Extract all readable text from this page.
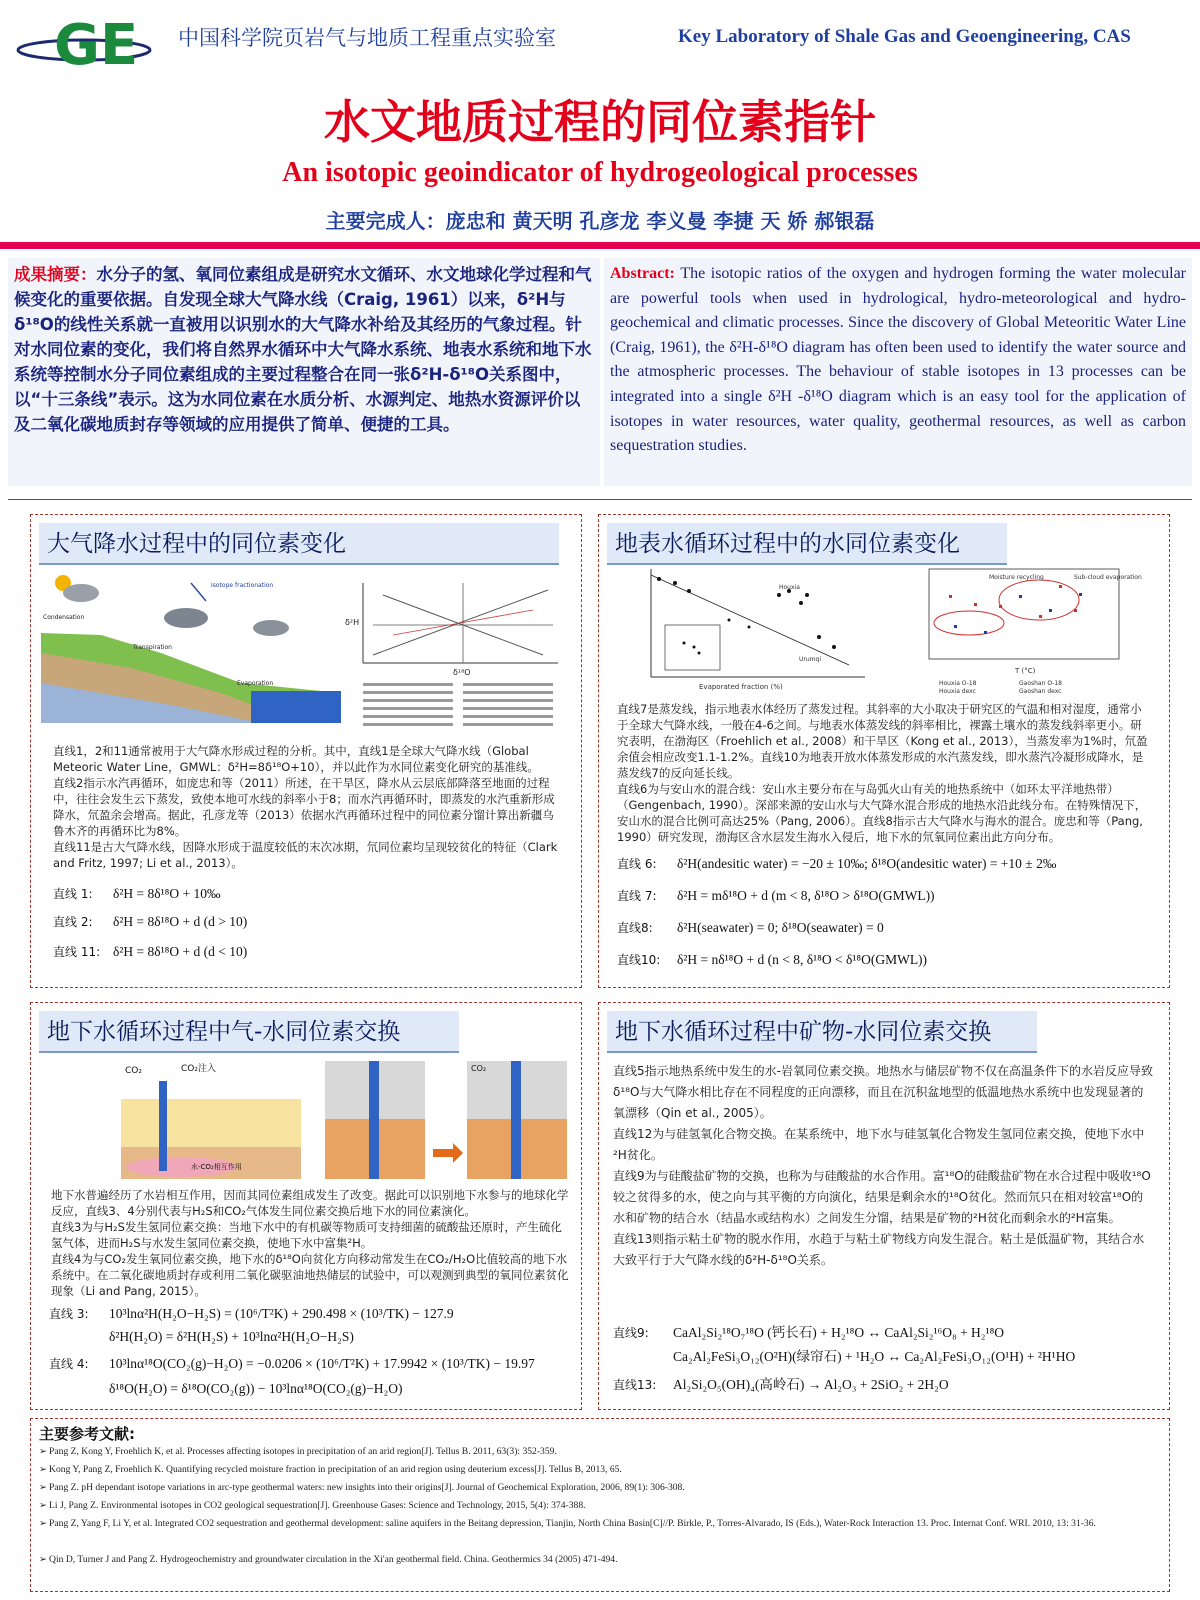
GE 中国科学院页岩气与地质工程重点实验室	Key Laboratory of Shale Gas and Geoengineering, CAS
水文地质过程的同位素指针
An isotopic geoindicator of hydrogeological processes
主要完成人：庞忠和 黄天明 孔彦龙 李义曼 李捷 天 娇 郝银磊
成果摘要：水分子的氢、氧同位素组成是研究水文循环、水文地球化学过程和气候变化的重要依据。自发现全球大气降水线（Craig, 1961）以来，δ²H与δ¹⁸O的线性关系就一直被用以识别水的大气降水补给及其经历的气象过程。针对水同位素的变化，我们将自然界水循环中大气降水系统、地表水系统和地下水系统等控制水分子同位素组成的主要过程整合在同一张δ²H-δ¹⁸O关系图中，以“十三条线”表示。这为水同位素在水质分析、水源判定、地热水资源评价以及二氧化碳地质封存等领域的应用提供了简单、便捷的工具。
Abstract: The isotopic ratios of the oxygen and hydrogen forming the water molecular are powerful tools when used in hydrological, hydro-meteorological and hydro-geochemical and climatic processes. Since the discovery of Global Meteoritic Water Line (Craig, 1961), the δ²H-δ¹⁸O diagram has often been used to identify the water source and the atmospheric processes. The behaviour of stable isotopes in 13 processes can be integrated into a single δ²H -δ¹⁸O diagram which is an easy tool for the application of isotopes in water resources, water quality, geothermal resources, as well as carbon sequestration studies.
大气降水过程中的同位素变化
Isotope fractionation
Condensation
Transpiration
Evaporation
δ¹⁸O
δ²H
直线1，2和11通常被用于大气降水形成过程的分析。其中，直线1是全球大气降水线（Global Meteoric Water Line，GMWL：δ²H=8δ¹⁸O+10），并以此作为水同位素变化研究的基准线。
直线2指示水汽再循环，如庞忠和等（2011）所述，在干旱区，降水从云层底部降落至地面的过程中，往往会发生云下蒸发，致使本地可水线的斜率小于8；而水汽再循环时，即蒸发的水汽重新形成降水，氘盈余会增高。据此，孔彦龙等（2013）依据水汽再循环过程中的同位素分馏计算出新疆乌鲁木齐的再循环比为8%。
直线11是古大气降水线，因降水形成于温度较低的末次冰期，氘同位素均呈现较贫化的特征（Clark and Fritz, 1997; Li et al., 2013）。
直线 1: δ²H = 8δ¹⁸O + 10‰
直线 2: δ²H = 8δ¹⁸O + d (d > 10)
直线 11: δ²H = 8δ¹⁸O + d (d < 10)
地表水循环过程中的水同位素变化
Evaporated fraction (%)
Houxia
Urumqi
T (°C)
Moisture recycling	Sub-cloud evaporation
Houxia O-18	Gaoshan O-18
Houxia dexc	Gaoshan dexc
直线7是蒸发线，指示地表水体经历了蒸发过程。其斜率的大小取决于研究区的气温和相对湿度，通常小于全球大气降水线，一般在4-6之间。与地表水体蒸发线的斜率相比，裸露土壤水的蒸发线斜率更小。研究表明，在渤海区（Froehlich et al., 2008）和干旱区（Kong et al., 2013），当蒸发率为1%时，氘盈余值会相应改变1.1-1.2%。直线10为地表开放水体蒸发形成的水汽蒸发线，即水蒸汽冷凝形成降水，是蒸发线7的反向延长线。
直线6为与安山水的混合线：安山水主要分布在与岛弧火山有关的地热系统中（如环太平洋地热带）（Gengenbach, 1990）。深部来源的安山水与大气降水混合形成的地热水沿此线分布。在特殊情况下，安山水的混合比例可高达25%（Pang, 2006）。直线8指示古大气降水与海水的混合。庞忠和等（Pang, 1990）研究发现，渤海区含水层发生海水入侵后，地下水的氘氧同位素出此方向分布。
直线 6: δ²H(andesitic water) = −20 ± 10‰; δ¹⁸O(andesitic water) = +10 ± 2‰
直线 7: δ²H = mδ¹⁸O + d (m < 8, δ¹⁸O > δ¹⁸O(GMWL))
直线8: δ²H(seawater) = 0; δ¹⁸O(seawater) = 0
直线10: δ²H = nδ¹⁸O + d (n < 8, δ¹⁸O < δ¹⁸O(GMWL))
地下水循环过程中气-水同位素交换
CO₂	CO₂注入
水-CO₂相互作用
CO₂
地下水普遍经历了水岩相互作用，因而其同位素组成发生了改变。据此可以识别地下水参与的地球化学反应，直线3、4分别代表与H₂S和CO₂气体发生同位素交换后地下水的同位素演化。
直线3为与H₂S发生氢同位素交换：当地下水中的有机碳等物质可支持细菌的硫酸盐还原时，产生硫化氢气体，进而H₂S与水发生氢同位素交换，使地下水中富集²H。
直线4为与CO₂发生氧同位素交换，地下水的δ¹⁸O向贫化方向移动常发生在CO₂/H₂O比值较高的地下水系统中。在二氧化碳地质封存或利用二氧化碳驱油地热储层的试验中，可以观测到典型的氧同位素贫化现象（Li and Pang, 2015）。
直线 3: 10³lnα²H(H₂O−H₂S) = (10⁶/T²K) + 290.498 × (10³/TK) − 127.9
δ²H(H₂O) = δ²H(H₂S) + 10³lnα²H(H₂O−H₂S)
直线 4: 10³lnα¹⁸O(CO₂(g)−H₂O) = −0.0206 × (10⁶/T²K) + 17.9942 × (10³/TK) − 19.97
δ¹⁸O(H₂O) = δ¹⁸O(CO₂(g)) − 10³lnα¹⁸O(CO₂(g)−H₂O)
地下水循环过程中矿物-水同位素交换
直线5指示地热系统中发生的水-岩氧同位素交换。地热水与储层矿物不仅在高温条件下的水岩反应导致δ¹⁸O与大气降水相比存在不同程度的正向漂移，而且在沉积盆地型的低温地热水系统中也发现显著的氧漂移（Qin et al., 2005）。
直线12为与硅氢氧化合物交换。在某系统中，地下水与硅氢氧化合物发生氢同位素交换，使地下水中²H贫化。
直线9为与硅酸盐矿物的交换，也称为与硅酸盐的水合作用。富¹⁸O的硅酸盐矿物在水合过程中吸收¹⁸O较之贫得多的水，使之向与其平衡的方向演化，结果是剩余水的¹⁸O贫化。然而氘只在相对较富¹⁸O的水和矿物的结合水（结晶水或结构水）之间发生分馏，结果是矿物的²H贫化而剩余水的²H富集。
直线13则指示粘土矿物的脱水作用，水趋于与粘土矿物线方向发生混合。粘土是低温矿物，其结合水大致平行于大气降水线的δ²H-δ¹⁸O关系。
直线9: CaAl₂Si₂¹⁸O₇¹⁸O (钙长石) + H₂¹⁸O ↔ CaAl₂Si₂¹⁶O₈ + H₂¹⁸O
Ca₂Al₂FeSi₃O₁₂(O²H)(绿帘石) + ¹H₂O ↔ Ca₂Al₂FeSi₃O₁₂(O¹H) + ²H¹HO
直线13: Al₂Si₂O₅(OH)₄(高岭石) → Al₂O₃ + 2SiO₂ + 2H₂O
主要参考文献:
➢ Pang Z, Kong Y, Froehlich K, et al. Processes affecting isotopes in precipitation of an arid region[J]. Tellus B. 2011, 63(3): 352-359.
➢ Kong Y, Pang Z, Froehlich K. Quantifying recycled moisture fraction in precipitation of an arid region using deuterium excess[J]. Tellus B, 2013, 65.
➢ Pang Z. pH dependant isotope variations in arc-type geothermal waters: new insights into their origins[J]. Journal of Geochemical Exploration, 2006, 89(1): 306-308.
➢ Li J, Pang Z. Environmental isotopes in CO2 geological sequestration[J]. Greenhouse Gases: Science and Technology, 2015, 5(4): 374-388.
➢ Pang Z, Yang F, Li Y, et al. Integrated CO2 sequestration and geothermal development: saline aquifers in the Beitang depression, Tianjin, North China Basin[C]//P. Birkle, P., Torres-Alvarado, IS (Eds.), Water-Rock Interaction 13. Proc. Internat Conf. WRI. 2010, 13: 31-36.
➢ Qin D, Turner J and Pang Z. Hydrogeochemistry and groundwater circulation in the Xi'an geothermal field. China. Geothermics 34 (2005) 471-494.
